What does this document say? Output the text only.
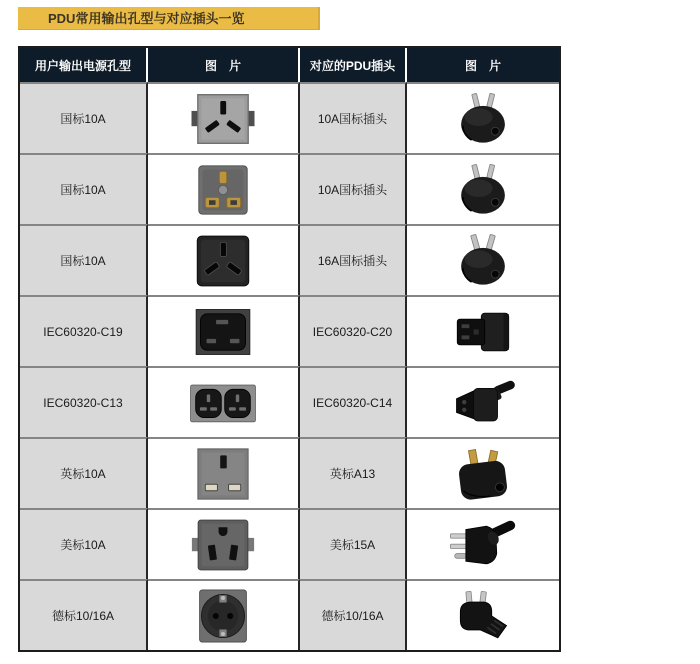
PDU常用输出孔型与对应插头一览
用户输出电源孔型	图　片	对应的PDU插头	图　片
国标10A	10A国标插头
国标10A	10A国标插头
国标10A	16A国标插头
IEC60320-C19	IEC60320-C20
IEC60320-C13	IEC60320-C14
英标10A	英标A13
美标10A	美标15A
德标10/16A	德标10/16A
